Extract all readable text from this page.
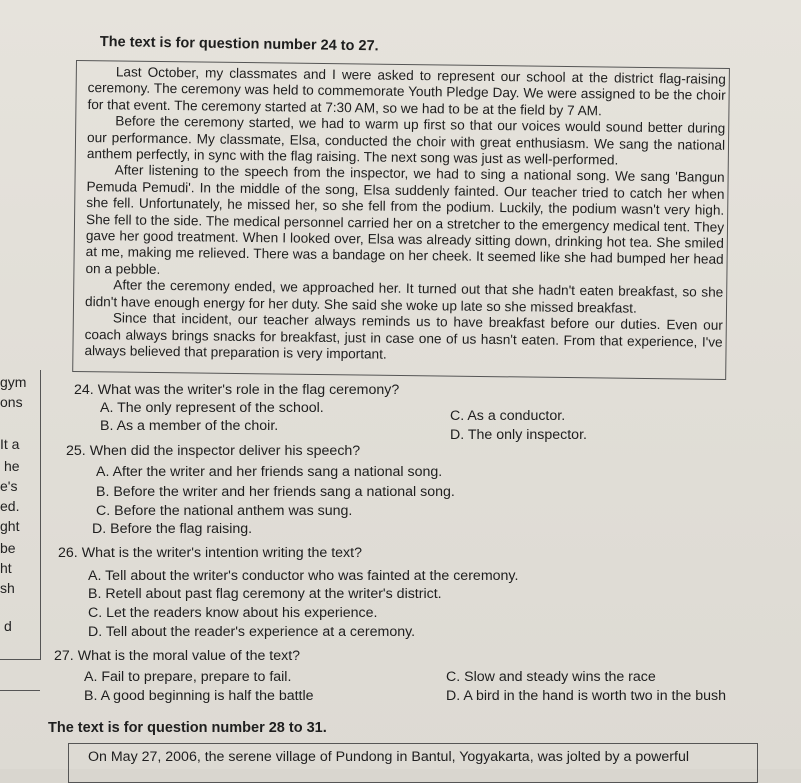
gym
ons
It a
he
e's
ed.
ght
be
ht
sh
d
The text is for question number 24 to 27.

Last October, my classmates and I were asked to represent our school at the district flag-raising ceremony. The ceremony was held to commemorate Youth Pledge Day. We were assigned to be the choir for that event. The ceremony started at 7:30 AM, so we had to be at the field by 7 AM.

Before the ceremony started, we had to warm up first so that our voices would sound better during our performance. My classmate, Elsa, conducted the choir with great enthusiasm. We sang the national anthem perfectly, in sync with the flag raising. The next song was just as well-performed.

After listening to the speech from the inspector, we had to sing a national song. We sang 'Bangun Pemuda Pemudi'. In the middle of the song, Elsa suddenly fainted. Our teacher tried to catch her when she fell. Unfortunately, he missed her, so she fell from the podium. Luckily, the podium wasn't very high. She fell to the side. The medical personnel carried her on a stretcher to the emergency medical tent. They gave her good treatment. When I looked over, Elsa was already sitting down, drinking hot tea. She smiled at me, making me relieved. There was a bandage on her cheek. It seemed like she had bumped her head on a pebble.

After the ceremony ended, we approached her. It turned out that she hadn't eaten breakfast, so she didn't have enough energy for her duty. She said she woke up late so she missed breakfast.

Since that incident, our teacher always reminds us to have breakfast before our duties. Even our coach always brings snacks for breakfast, just in case one of us hasn't eaten. From that experience, I've always believed that preparation is very important.

24. What was the writer's role in the flag ceremony?
A. The only represent of the school.
B. As a member of the choir.
C. As a conductor.
D. The only inspector.
25. When did the inspector deliver his speech?
A. After the writer and her friends sang a national song.
B. Before the writer and her friends sang a national song.
C. Before the national anthem was sung.
D. Before the flag raising.
26. What is the writer's intention writing the text?
A. Tell about the writer's conductor who was fainted at the ceremony.
B. Retell about past flag ceremony at the writer's district.
C. Let the readers know about his experience.
D. Tell about the reader's experience at a ceremony.
27. What is the moral value of the text?
A. Fail to prepare, prepare to fail.
B. A good beginning is half the battle
C. Slow and steady wins the race
D. A bird in the hand is worth two in the bush
The text is for question number 28 to 31.
On May 27, 2006, the serene village of Pundong in Bantul, Yogyakarta, was jolted by a powerful
